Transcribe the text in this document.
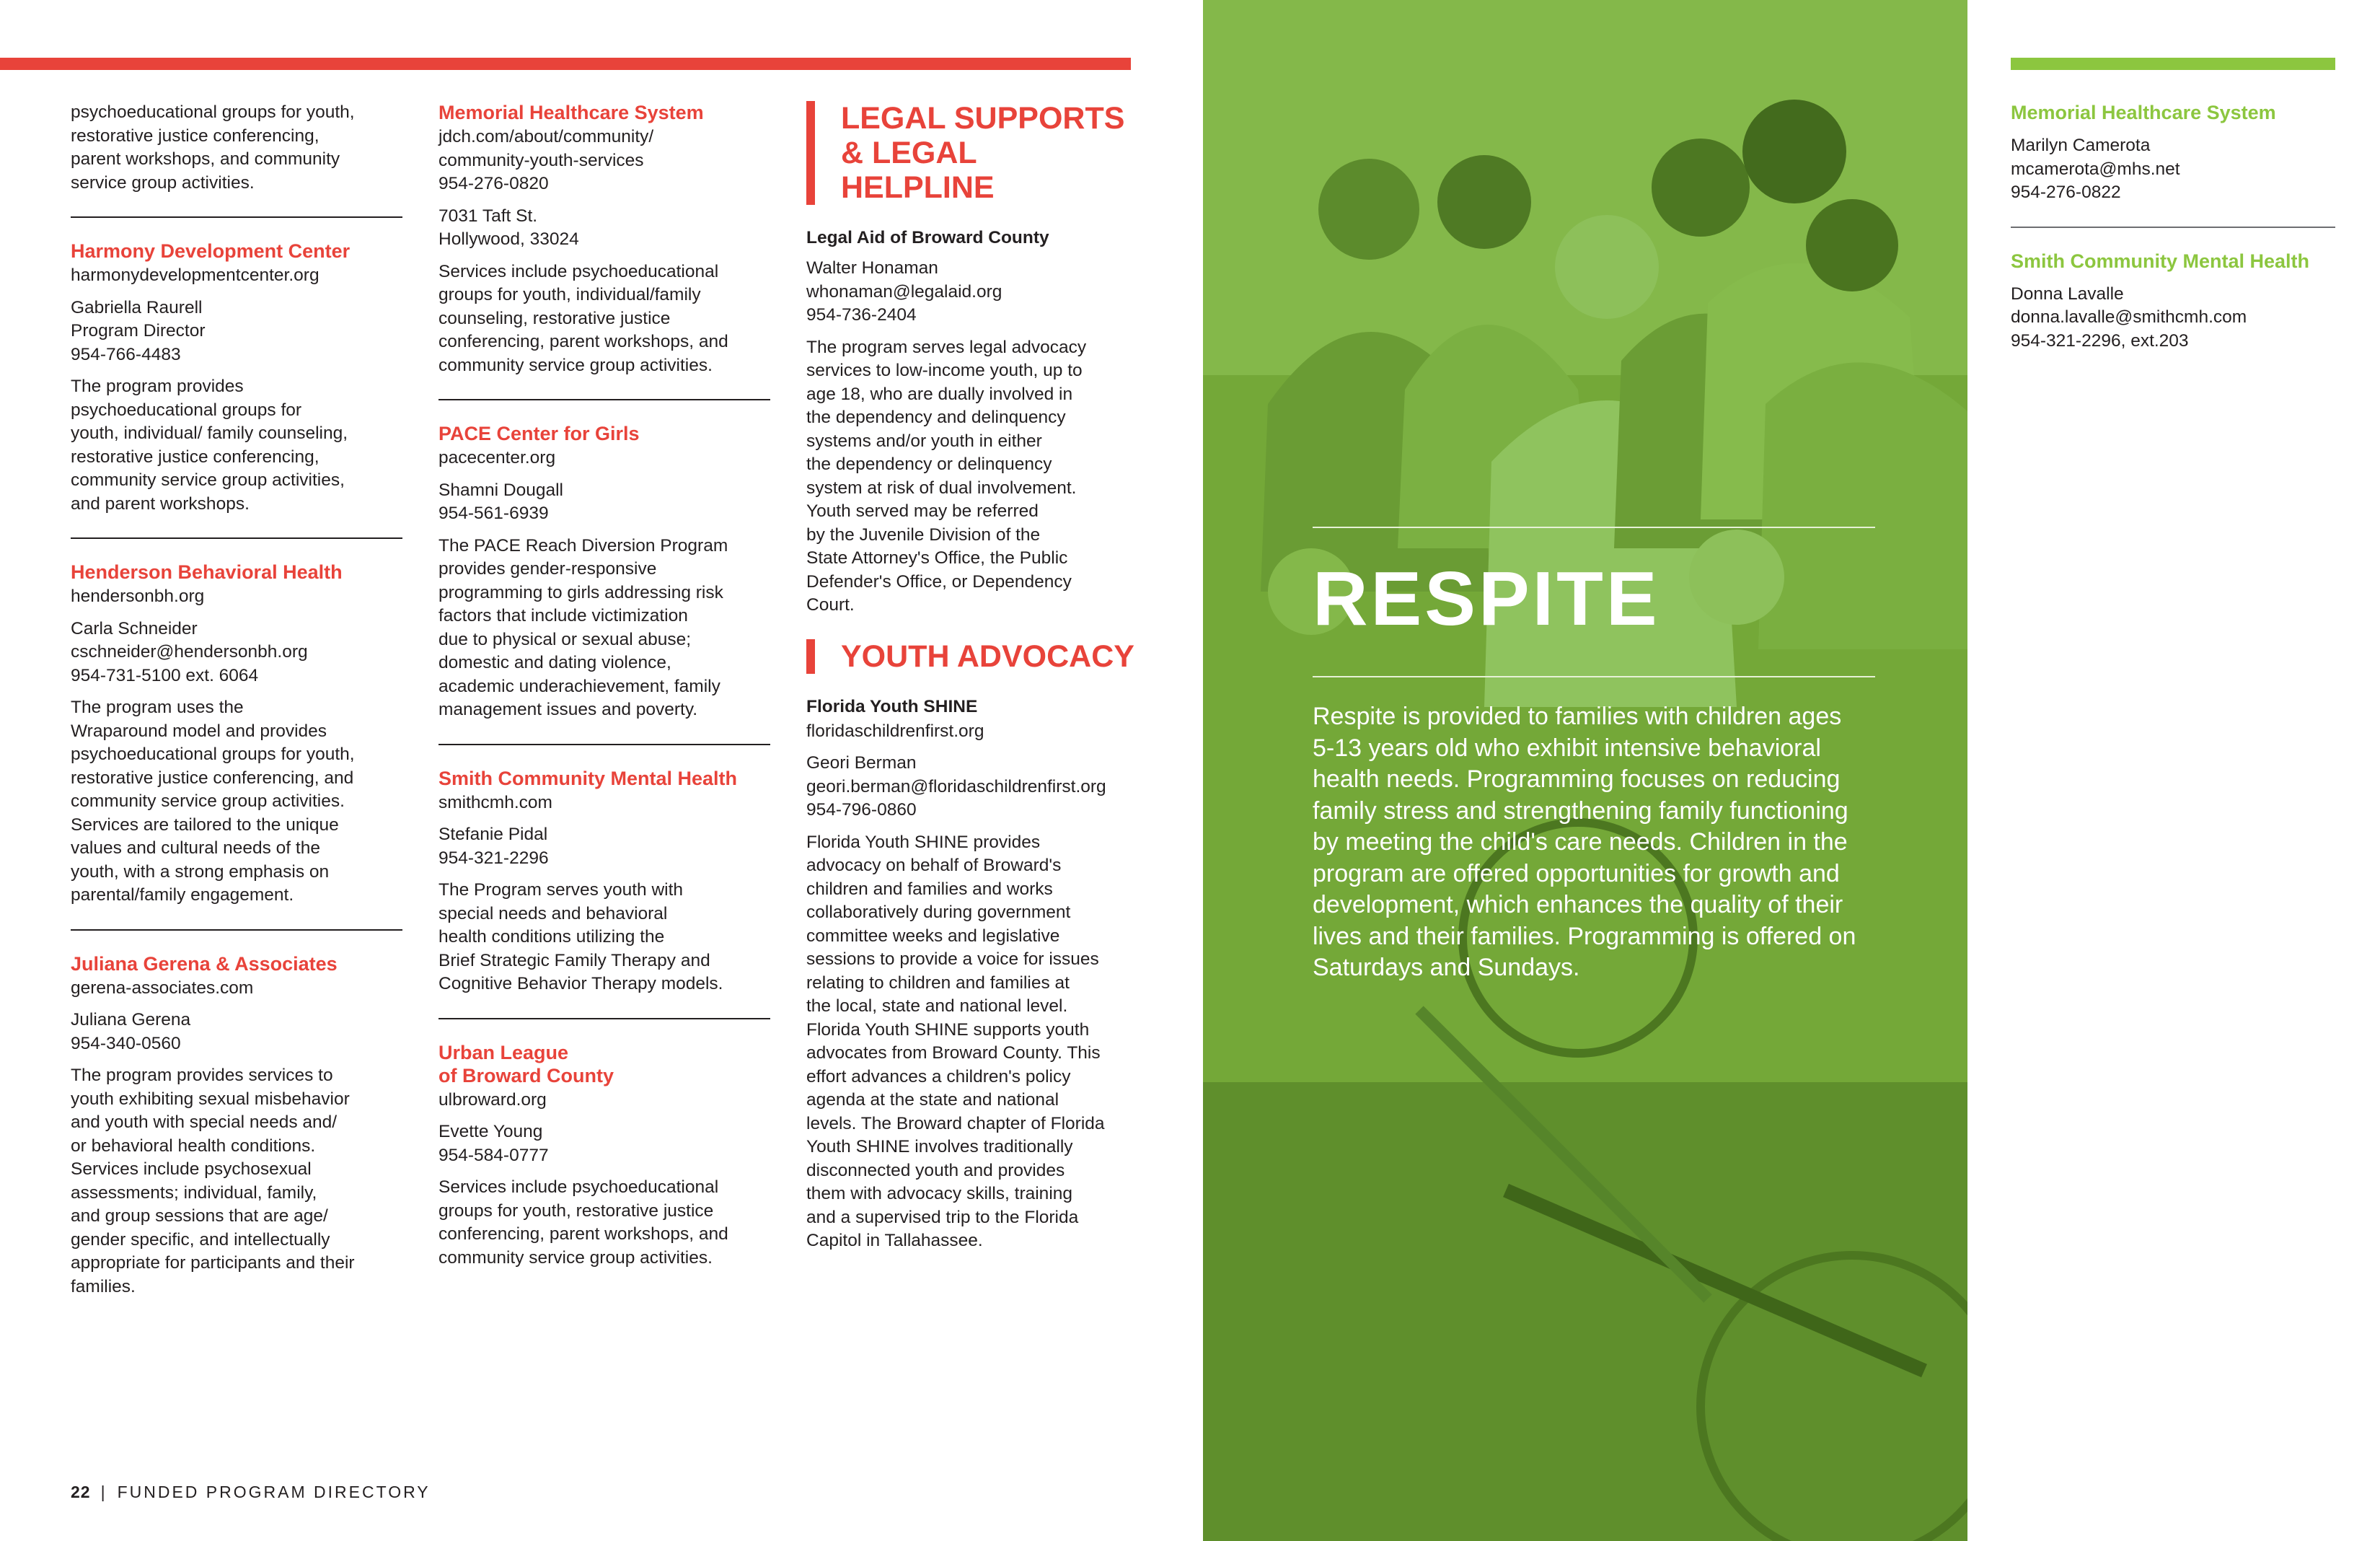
psychoeducational groups for youth,
restorative justice conferencing,
parent workshops, and community
service group activities.

Harmony Development Center

harmonydevelopmentcenter.org

Gabriella Raurell
Program Director
954-766-4483

The program provides
psychoeducational groups for
youth, individual/ family counseling,
restorative justice conferencing,
community service group activities,
and parent workshops.

Henderson Behavioral Health

hendersonbh.org

Carla Schneider
cschneider@hendersonbh.org
954-731-5100 ext. 6064

The program uses the
Wraparound model and provides
psychoeducational groups for youth,
restorative justice conferencing, and
community service group activities.
Services are tailored to the unique
values and cultural needs of the
youth, with a strong emphasis on
parental/family engagement.

Juliana Gerena & Associates

gerena-associates.com

Juliana Gerena
954-340-0560

The program provides services to
youth exhibiting sexual misbehavior
and youth with special needs and/
or behavioral health conditions.
Services include psychosexual
assessments; individual, family,
and group sessions that are age/
gender specific, and intellectually
appropriate for participants and their
families.

Memorial Healthcare System

jdch.com/about/community/
community-youth-services
954-276-0820

7031 Taft St.
Hollywood, 33024

Services include psychoeducational
groups for youth, individual/family
counseling, restorative justice
conferencing, parent workshops, and
community service group activities.

PACE Center for Girls

pacecenter.org

Shamni Dougall
954-561-6939

The PACE Reach Diversion Program
provides gender-responsive
programming to girls addressing risk
factors that include victimization
due to physical or sexual abuse;
domestic and dating violence,
academic underachievement, family
management issues and poverty.

Smith Community Mental Health

smithcmh.com

Stefanie Pidal
954-321-2296

The Program serves youth with
special needs and behavioral
health conditions utilizing the
Brief Strategic Family Therapy and
Cognitive Behavior Therapy models.

Urban League
of Broward County

ulbroward.org

Evette Young
954-584-0777

Services include psychoeducational
groups for youth, restorative justice
conferencing, parent workshops, and
community service group activities.

LEGAL SUPPORTS
& LEGAL HELPLINE

Legal Aid of Broward County

Walter Honaman
whonaman@legalaid.org
954-736-2404

The program serves legal advocacy
services to low-income youth, up to
age 18, who are dually involved in
the dependency and delinquency
systems and/or youth in either
the dependency or delinquency
system at risk of dual involvement.
Youth served may be referred
by the Juvenile Division of the
State Attorney's Office, the Public
Defender's Office, or Dependency
Court.

YOUTH ADVOCACY

Florida Youth SHINE

floridaschildrenfirst.org

Geori Berman
geori.berman@floridaschildrenfirst.org
954-796-0860

Florida Youth SHINE provides
advocacy on behalf of Broward's
children and families and works
collaboratively during government
committee weeks and legislative
sessions to provide a voice for issues
relating to children and families at
the local, state and national level.
Florida Youth SHINE supports youth
advocates from Broward County. This
effort advances a children's policy
agenda at the state and national
levels. The Broward chapter of Florida
Youth SHINE involves traditionally
disconnected youth and provides
them with advocacy skills, training
and a supervised trip to the Florida
Capitol in Tallahassee.

RESPITE
Respite is provided to families with children ages 5-13 years old who exhibit intensive behavioral health needs. Programming focuses on reducing family stress and strengthening family functioning by meeting the child's care needs. Children in the program are offered opportunities for growth and development, which enhances the quality of their lives and their families. Programming is offered on Saturdays and Sundays.

Memorial Healthcare System

Marilyn Camerota
mcamerota@mhs.net
954-276-0822

Smith Community Mental Health

Donna Lavalle
donna.lavalle@smithcmh.com
954-321-2296, ext.203

22 | FUNDED PROGRAM DIRECTORY
